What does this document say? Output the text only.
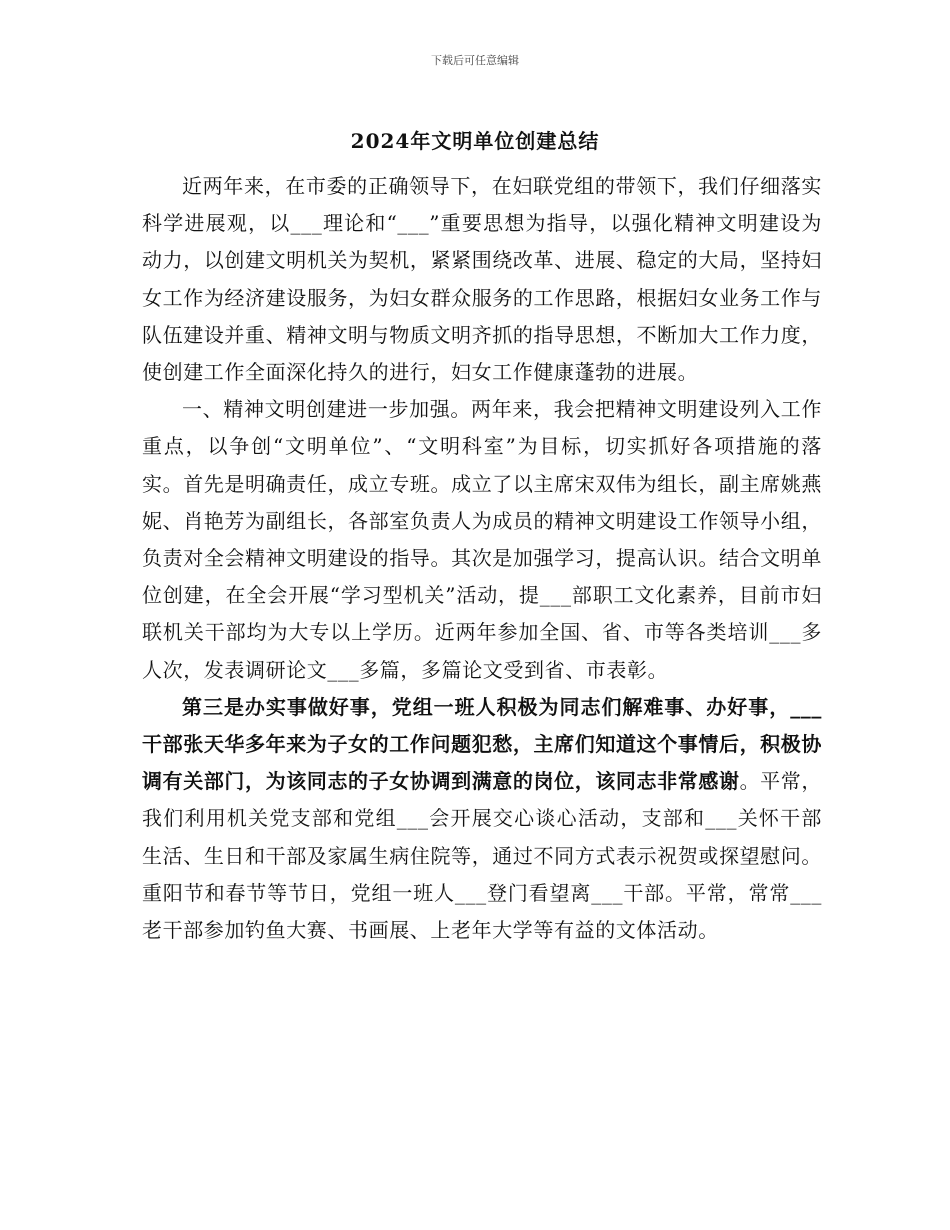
下载后可任意编辑
2024年文明单位创建总结

近两年来，在市委的正确领导下，在妇联党组的带领下，我们仔细落实科学进展观，以___理论和“___”重要思想为指导，以强化精神文明建设为动力，以创建文明机关为契机，紧紧围绕改革、进展、稳定的大局，坚持妇女工作为经济建设服务，为妇女群众服务的工作思路，根据妇女业务工作与队伍建设并重、精神文明与物质文明齐抓的指导思想，不断加大工作力度，使创建工作全面深化持久的进行，妇女工作健康蓬勃的进展。

一、精神文明创建进一步加强。两年来，我会把精神文明建设列入工作重点，以争创“文明单位”、“文明科室”为目标，切实抓好各项措施的落实。首先是明确责任，成立专班。成立了以主席宋双伟为组长，副主席姚燕妮、肖艳芳为副组长，各部室负责人为成员的精神文明建设工作领导小组，负责对全会精神文明建设的指导。其次是加强学习，提高认识。结合文明单位创建，在全会开展“学习型机关”活动，提___部职工文化素养，目前市妇联机关干部均为大专以上学历。近两年参加全国、省、市等各类培训___多人次，发表调研论文___多篇，多篇论文受到省、市表彰。

第三是办实事做好事，党组一班人积极为同志们解难事、办好事，___干部张天华多年来为子女的工作问题犯愁，主席们知道这个事情后，积极协调有关部门，为该同志的子女协调到满意的岗位，该同志非常感谢。平常，我们利用机关党支部和党组___会开展交心谈心活动，支部和___关怀干部生活、生日和干部及家属生病住院等，通过不同方式表示祝贺或探望慰问。重阳节和春节等节日，党组一班人___登门看望离___干部。平常，常常___老干部参加钓鱼大赛、书画展、上老年大学等有益的文体活动。
